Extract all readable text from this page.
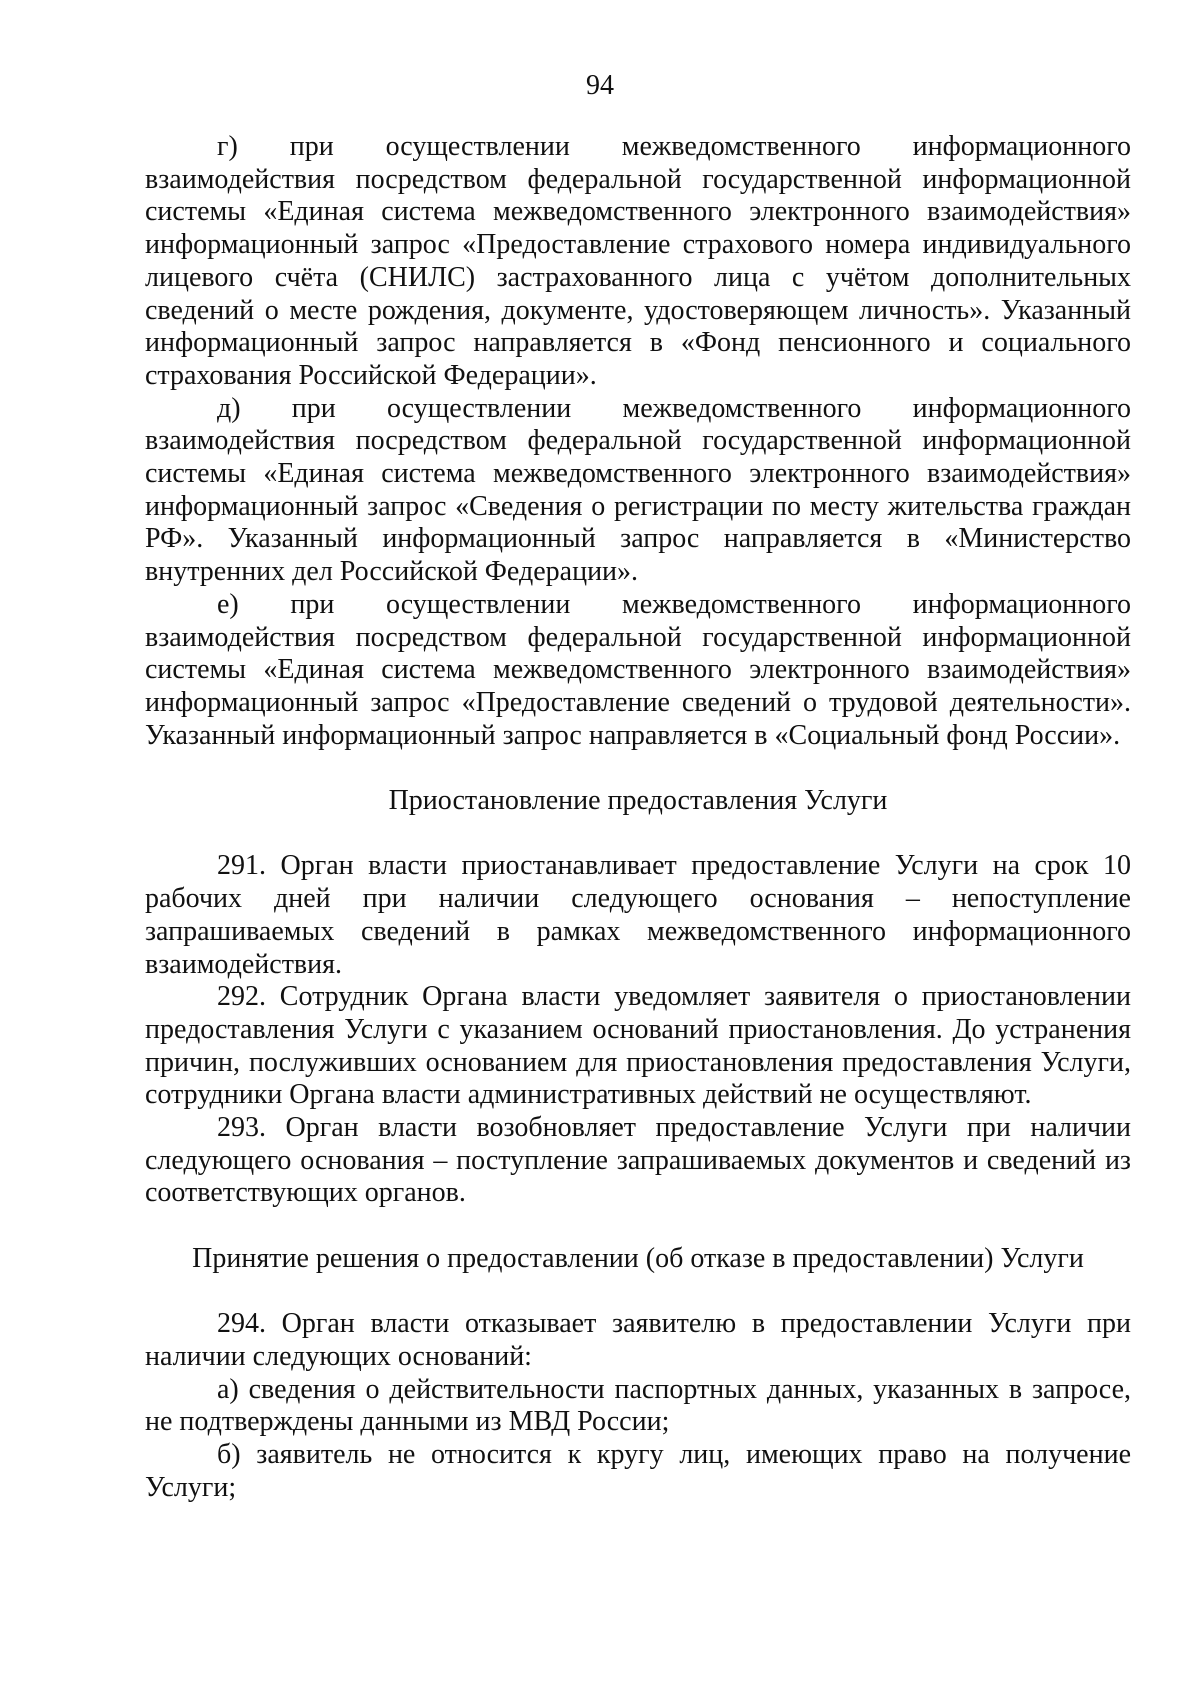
94

г) при осуществлении межведомственного информационного взаимодействия посредством федеральной государственной информационной системы «Единая система межведомственного электронного взаимодействия» информационный запрос «Предоставление страхового номера индивидуального лицевого счёта (СНИЛС) застрахованного лица с учётом дополнительных сведений о месте рождения, документе, удостоверяющем личность». Указанный информационный запрос направляется в «Фонд пенсионного и социального страхования Российской Федерации».

д) при осуществлении межведомственного информационного взаимодействия посредством федеральной государственной информационной системы «Единая система межведомственного электронного взаимодействия» информационный запрос «Сведения о регистрации по месту жительства граждан РФ». Указанный информационный запрос направляется в «Министерство внутренних дел Российской Федерации».

е) при осуществлении межведомственного информационного взаимодействия посредством федеральной государственной информационной системы «Единая система межведомственного электронного взаимодействия» информационный запрос «Предоставление сведений о трудовой деятельности». Указанный информационный запрос направляется в «Социальный фонд России».

Приостановление предоставления Услуги

291. Орган власти приостанавливает предоставление Услуги на срок 10 рабочих дней при наличии следующего основания – непоступление запрашиваемых сведений в рамках межведомственного информационного взаимодействия.

292. Сотрудник Органа власти уведомляет заявителя о приостановлении предоставления Услуги с указанием оснований приостановления. До устранения причин, послуживших основанием для приостановления предоставления Услуги, сотрудники Органа власти административных действий не осуществляют.

293. Орган власти возобновляет предоставление Услуги при наличии следующего основания – поступление запрашиваемых документов и сведений из соответствующих органов.

Принятие решения о предоставлении (об отказе в предоставлении) Услуги

294. Орган власти отказывает заявителю в предоставлении Услуги при наличии следующих оснований:

а) сведения о действительности паспортных данных, указанных в запросе, не подтверждены данными из МВД России;

б) заявитель не относится к кругу лиц, имеющих право на получение Услуги;
